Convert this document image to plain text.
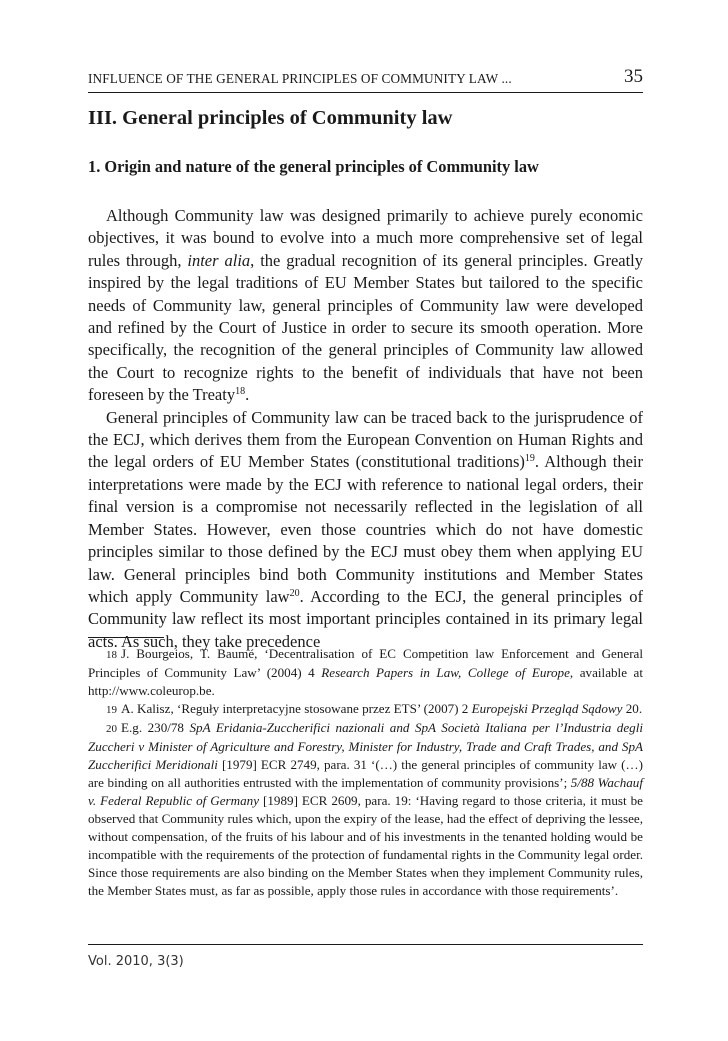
INFLUENCE OF THE GENERAL PRINCIPLES OF COMMUNITY LAW ...	35
III. General principles of Community law
1. Origin and nature of the general principles of Community law

Although Community law was designed primarily to achieve purely economic objectives, it was bound to evolve into a much more comprehensive set of legal rules through, inter alia, the gradual recognition of its general principles. Greatly inspired by the legal traditions of EU Member States but tailored to the specific needs of Community law, general principles of Community law were developed and refined by the Court of Justice in order to secure its smooth operation. More specifically, the recognition of the general principles of Community law allowed the Court to recognize rights to the benefit of individuals that have not been foreseen by the Treaty$^{18}$.

General principles of Community law can be traced back to the jurisprudence of the ECJ, which derives them from the European Convention on Human Rights and the legal orders of EU Member States (constitutional traditions)$^{19}$. Although their interpretations were made by the ECJ with reference to national legal orders, their final version is a compromise not necessarily reflected in the legislation of all Member States. However, even those countries which do not have domestic principles similar to those defined by the ECJ must obey them when applying EU law. General principles bind both Community institutions and Member States which apply Community law$^{20}$. According to the ECJ, the general principles of Community law reflect its most important principles contained in its primary legal acts. As such, they take precedence

18 J. Bourgeios, T. Baumé, ‘Decentralisation of EC Competition law Enforcement and General Principles of Community Law’ (2004) 4 Research Papers in Law, College of Europe, available at http://www.coleurop.be.

19 A. Kalisz, ‘Reguły interpretacyjne stosowane przez ETS’ (2007) 2 Europejski Przegląd Sądowy 20.

20 E.g. 230/78 SpA Eridania-Zuccherifici nazionali and SpA Società Italiana per l’Industria degli Zuccheri v Minister of Agriculture and Forestry, Minister for Industry, Trade and Craft Trades, and SpA Zuccherifici Meridionali [1979] ECR 2749, para. 31 ‘(…) the general principles of community law (…) are binding on all authorities entrusted with the implementation of community provisions’; 5/88 Wachauf v. Federal Republic of Germany [1989] ECR 2609, para. 19: ‘Having regard to those criteria, it must be observed that Community rules which, upon the expiry of the lease, had the effect of depriving the lessee, without compensation, of the fruits of his labour and of his investments in the tenanted holding would be incompatible with the requirements of the protection of fundamental rights in the Community legal order. Since those requirements are also binding on the Member States when they implement Community rules, the Member States must, as far as possible, apply those rules in accordance with those requirements’.

Vol. 2010, 3(3)
